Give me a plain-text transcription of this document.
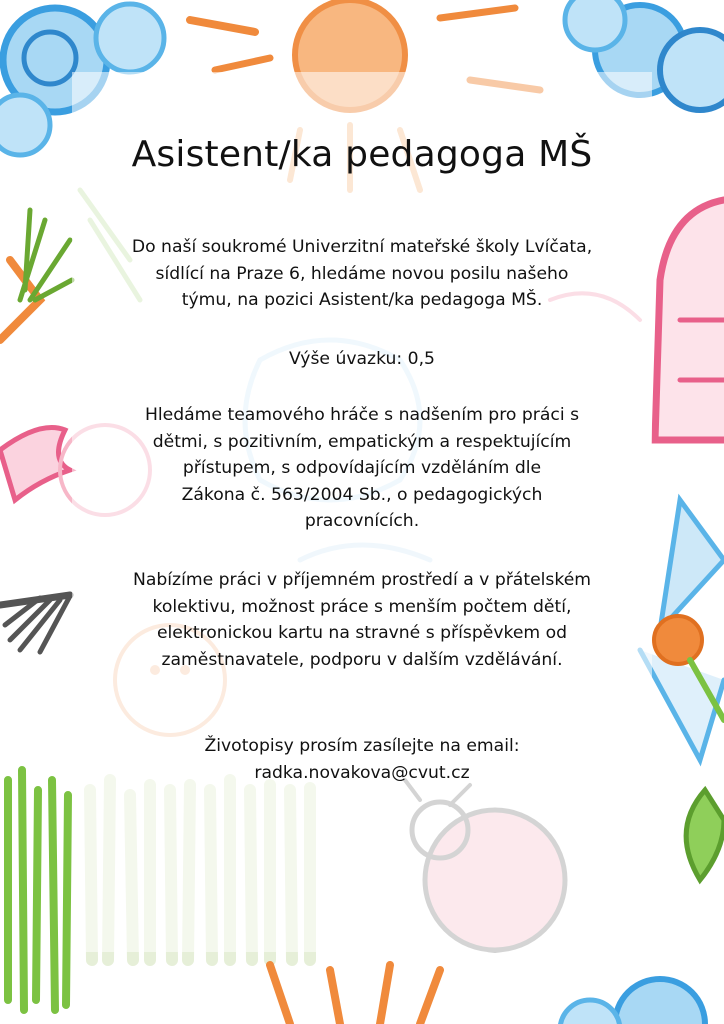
Asistent/ka pedagoga MŠ

Do naší soukromé Univerzitní mateřské školy Lvíčata,
sídlící na Praze 6, hledáme novou posilu našeho
týmu, na pozici Asistent/ka pedagoga MŠ.

Výše úvazku: 0,5

Hledáme teamového hráče s nadšením pro práci s
dětmi, s pozitivním, empatickým a respektujícím
přístupem, s odpovídajícím vzděláním dle
Zákona č. 563/2004 Sb., o pedagogických
pracovnících.

Nabízíme práci v příjemném prostředí a v přátelském
kolektivu, možnost práce s menším počtem dětí,
elektronickou kartu na stravné s příspěvkem od
zaměstnavatele, podporu v dalším vzdělávání.

Životopisy prosím zasílejte na email:
radka.novakova@cvut.cz
